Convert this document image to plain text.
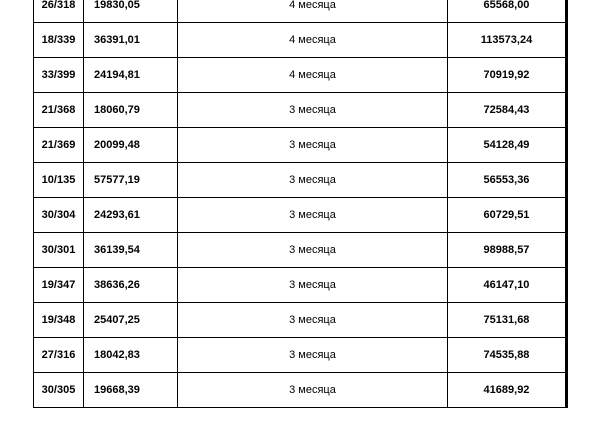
26/318	19830,05	4 месяца	65568,00
18/339	36391,01	4 месяца	113573,24
33/399	24194,81	4 месяца	70919,92
21/368	18060,79	3 месяца	72584,43
21/369	20099,48	3 месяца	54128,49
10/135	57577,19	3 месяца	56553,36
30/304	24293,61	3 месяца	60729,51
30/301	36139,54	3 месяца	98988,57
19/347	38636,26	3 месяца	46147,10
19/348	25407,25	3 месяца	75131,68
27/316	18042,83	3 месяца	74535,88
30/305	19668,39	3 месяца	41689,92
